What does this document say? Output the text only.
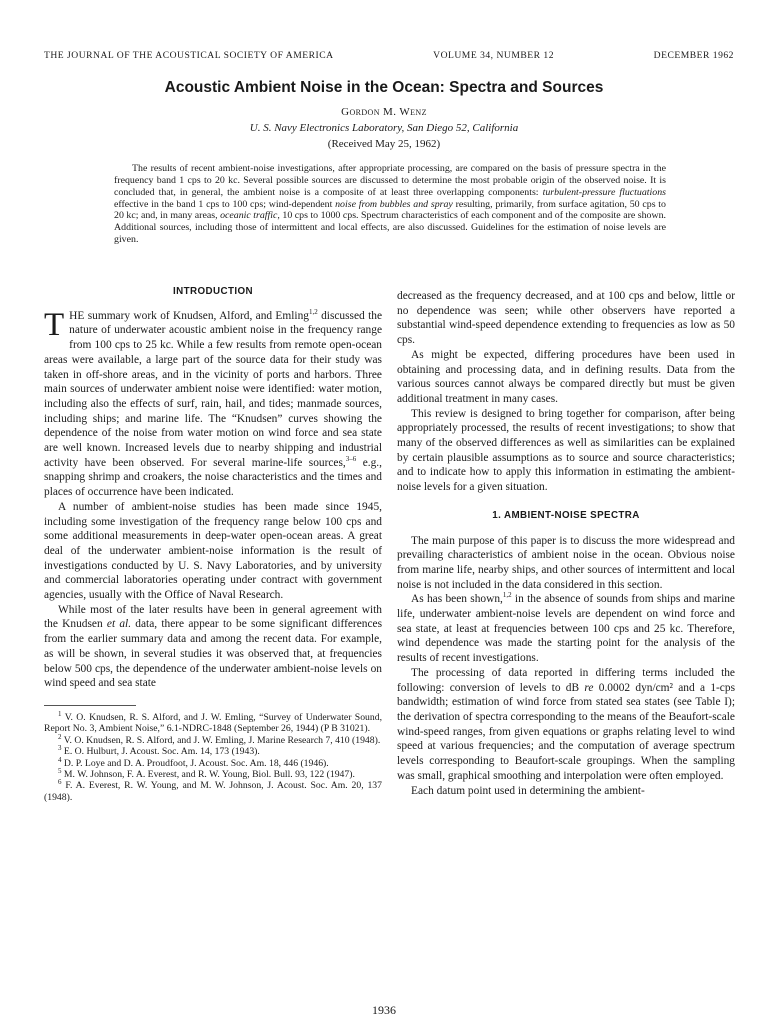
THE JOURNAL OF THE ACOUSTICAL SOCIETY OF AMERICA	VOLUME 34, NUMBER 12	DECEMBER 1962
Acoustic Ambient Noise in the Ocean: Spectra and Sources
Gordon M. Wenz
U. S. Navy Electronics Laboratory, San Diego 52, California
(Received May 25, 1962)

The results of recent ambient-noise investigations, after appropriate processing, are compared on the basis of pressure spectra in the frequency band 1 cps to 20 kc. Several possible sources are discussed to determine the most probable origin of the observed noise. It is concluded that, in general, the ambient noise is a composite of at least three overlapping components: turbulent-pressure fluctuations effective in the band 1 cps to 100 cps; wind-dependent noise from bubbles and spray resulting, primarily, from surface agitation, 50 cps to 20 kc; and, in many areas, oceanic traffic, 10 cps to 1000 cps. Spectrum characteristics of each component and of the composite are shown. Additional sources, including those of intermittent and local effects, are also discussed. Guidelines for the estimation of noise levels are given.

INTRODUCTION

THE summary work of Knudsen, Alford, and Emling$^{1,2}$ discussed the nature of underwater acoustic ambient noise in the frequency range from 100 cps to 25 kc. While a few results from remote open-ocean areas were available, a large part of the source data for their study was taken in off-shore areas, and in the vicinity of ports and harbors. Three main sources of underwater ambient noise were identified: water motion, including also the effects of surf, rain, hail, and tides; manmade sources, including ships; and marine life. The “Knudsen” curves showing the dependence of the noise from water motion on wind force and sea state are well known. Increased levels due to nearby shipping and industrial activity have been observed. For several marine-life sources,$^{3-6}$ e.g., snapping shrimp and croakers, the noise characteristics and the times and places of occurrence have been indicated.

A number of ambient-noise studies has been made since 1945, including some investigation of the frequency range below 100 cps and some additional measurements in deep-water open-ocean areas. A great deal of the underwater ambient-noise information is the result of investigations conducted by U. S. Navy Laboratories, and by university and commercial laboratories operating under contract with government agencies, usually with the Office of Naval Research.

While most of the later results have been in general agreement with the Knudsen et al. data, there appear to be some significant differences from the earlier summary data and among the recent data. For example, as will be shown, in several studies it was observed that, at frequencies below 500 cps, the dependence of the underwater ambient-noise levels on wind speed and sea state

$^1$ V. O. Knudsen, R. S. Alford, and J. W. Emling, “Survey of Underwater Sound, Report No. 3, Ambient Noise,” 6.1-NDRC-1848 (September 26, 1944) (P B 31021).

$^2$ V. O. Knudsen, R. S. Alford, and J. W. Emling, J. Marine Research 7, 410 (1948).

$^3$ E. O. Hulburt, J. Acoust. Soc. Am. 14, 173 (1943).

$^4$ D. P. Loye and D. A. Proudfoot, J. Acoust. Soc. Am. 18, 446 (1946).

$^5$ M. W. Johnson, F. A. Everest, and R. W. Young, Biol. Bull. 93, 122 (1947).

$^6$ F. A. Everest, R. W. Young, and M. W. Johnson, J. Acoust. Soc. Am. 20, 137 (1948).

decreased as the frequency decreased, and at 100 cps and below, little or no dependence was seen; while other observers have reported a substantial wind-speed dependence extending to frequencies as low as 50 cps.

As might be expected, differing procedures have been used in obtaining and processing data, and in defining results. Data from the various sources cannot always be compared directly but must be given additional treatment in many cases.

This review is designed to bring together for comparison, after being appropriately processed, the results of recent investigations; to show that many of the observed differences as well as similarities can be explained by certain plausible assumptions as to source and source characteristics; and to indicate how to apply this information in estimating the ambient-noise levels for a given situation.

1. AMBIENT-NOISE SPECTRA

The main purpose of this paper is to discuss the more widespread and prevailing characteristics of ambient noise in the ocean. Obvious noise from marine life, nearby ships, and other sources of intermittent and local noise is not included in the data considered in this section.

As has been shown,$^{1,2}$ in the absence of sounds from ships and marine life, underwater ambient-noise levels are dependent on wind force and sea state, at least at frequencies between 100 cps and 25 kc. Therefore, wind dependence was made the starting point for the analysis of the results of recent investigations.

The processing of data reported in differing terms included the following: conversion of levels to dB re 0.0002 dyn/cm² and a 1-cps bandwidth; estimation of wind force from stated sea states (see Table I); the derivation of spectra corresponding to the means of the Beaufort-scale wind-speed ranges, from given equations or graphs relating level to wind speed at various frequencies; and the computation of average spectrum levels corresponding to Beaufort-scale groupings. When the sampling was small, graphical smoothing and interpolation were often employed.

Each datum point used in determining the ambient-

1936
